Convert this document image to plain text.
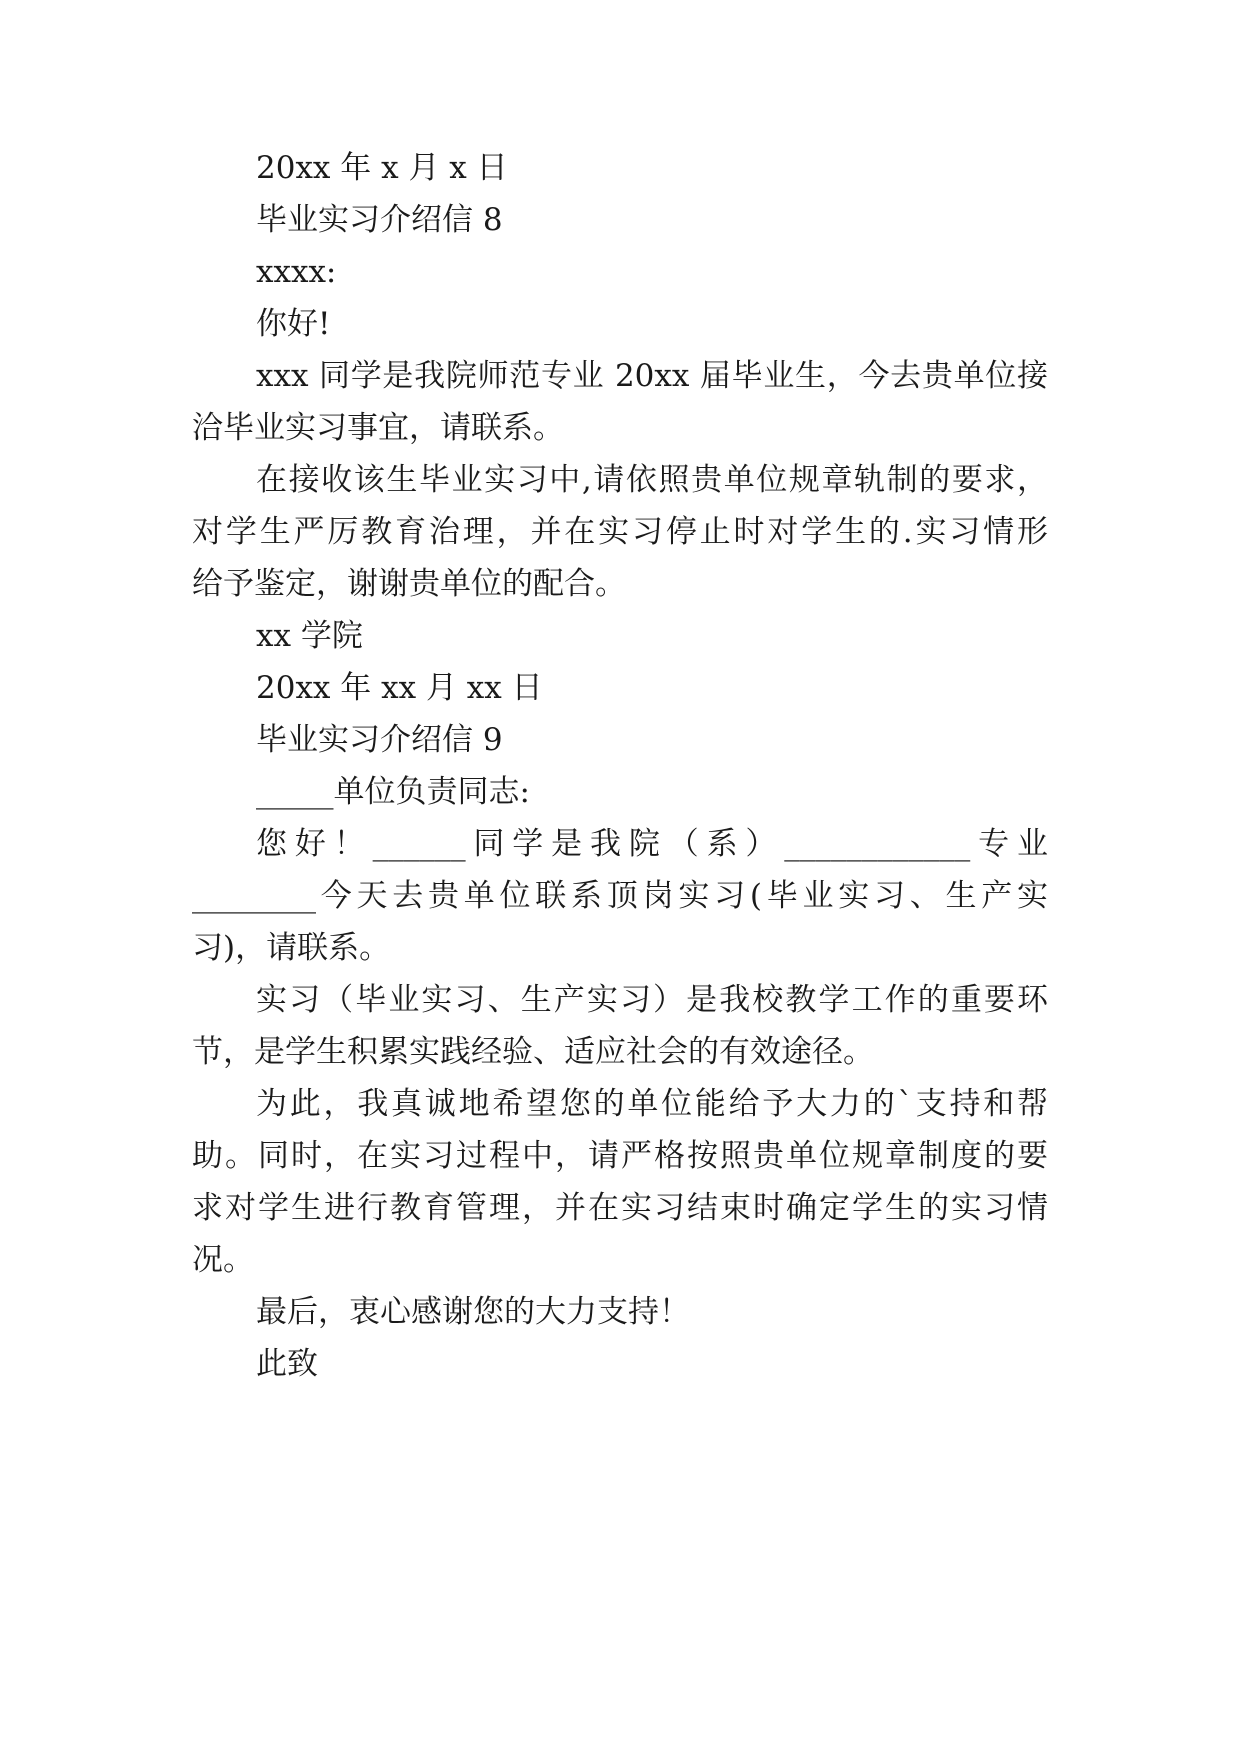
20xx 年 x 月 x 日
毕业实习介绍信 8
xxxx:
你好!
xxx 同学是我院师范专业 20xx 届毕业生，今去贵单位接
洽毕业实习事宜，请联系。
在接收该生毕业实习中,请依照贵单位规章轨制的要求，
对学生严厉教育治理，并在实习停止时对学生的.实习情形
给予鉴定，谢谢贵单位的配合。
xx 学院
20xx 年 xx 月 xx 日
毕业实习介绍信 9
_____单位负责同志:
您好！______同学是我院（系）____________专业
________今天去贵单位联系顶岗实习(毕业实习、生产实
习)，请联系。
实习（毕业实习、生产实习）是我校教学工作的重要环
节，是学生积累实践经验、适应社会的有效途径。
为此，我真诚地希望您的单位能给予大力的`支持和帮
助。同时，在实习过程中，请严格按照贵单位规章制度的要
求对学生进行教育管理，并在实习结束时确定学生的实习情
况。
最后，衷心感谢您的大力支持！
此致
